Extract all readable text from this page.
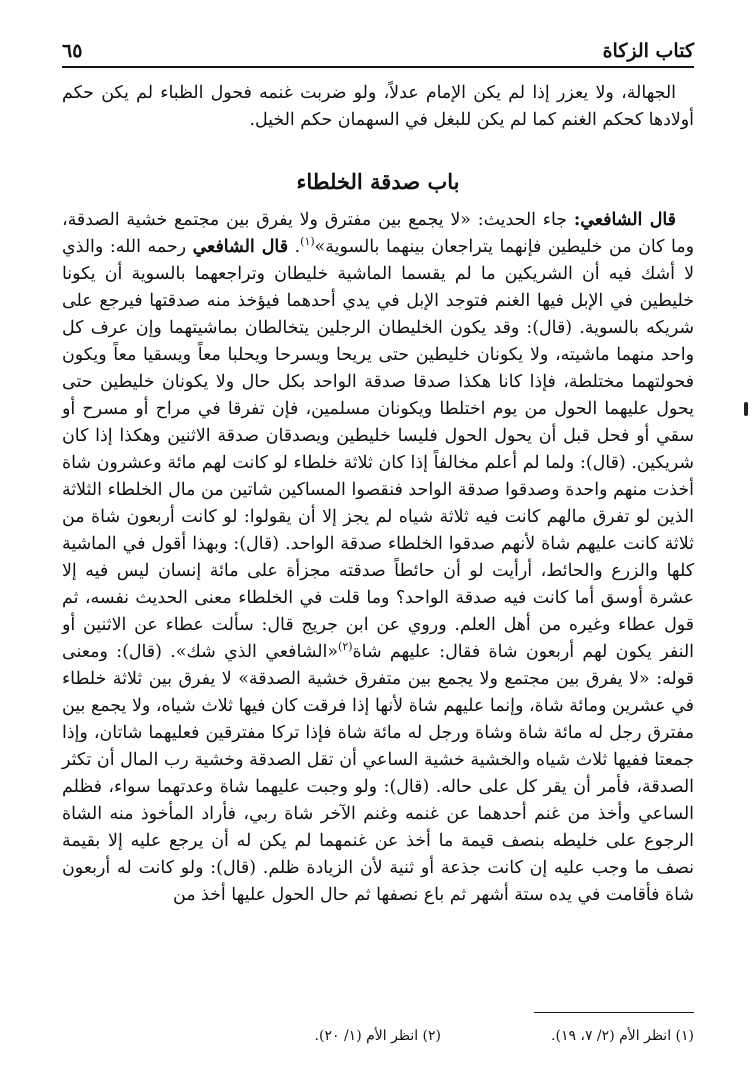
كتاب الزكاة
٦٥

الجهالة، ولا يعزر إذا لم يكن الإمام عدلاً، ولو ضربت غنمه فحول الظباء لم يكن حكم أولادها كحكم الغنم كما لم يكن للبغل في السهمان حكم الخيل.

باب صدقة الخلطاء

قال الشافعي: جاء الحديث: «لا يجمع بين مفترق ولا يفرق بين مجتمع خشية الصدقة، وما كان من خليطين فإنهما يتراجعان بينهما بالسوية»$^{(١)}$. قال الشافعي رحمه الله: والذي لا أشك فيه أن الشريكين ما لم يقسما الماشية خليطان وتراجعهما بالسوية أن يكونا خليطين في الإبل فيها الغنم فتوجد الإبل في يدي أحدهما فيؤخذ منه صدقتها فيرجع على شريكه بالسوية. (قال): وقد يكون الخليطان الرجلين يتخالطان بماشيتهما وإن عرف كل واحد منهما ماشيته، ولا يكونان خليطين حتى يريحا ويسرحا ويحلبا معاً ويسقيا معاً ويكون فحولتهما مختلطة، فإذا كانا هكذا صدقا صدقة الواحد بكل حال ولا يكونان خليطين حتى يحول عليهما الحول من يوم اختلطا ويكونان مسلمين، فإن تفرقا في مراح أو مسرح أو سقي أو فحل قبل أن يحول الحول فليسا خليطين ويصدقان صدقة الاثنين وهكذا إذا كان شريكين. (قال): ولما لم أعلم مخالفاً إذا كان ثلاثة خلطاء لو كانت لهم مائة وعشرون شاة أخذت منهم واحدة وصدقوا صدقة الواحد فنقصوا المساكين شاتين من مال الخلطاء الثلاثة الذين لو تفرق مالهم كانت فيه ثلاثة شياه لم يجز إلا أن يقولوا: لو كانت أربعون شاة من ثلاثة كانت عليهم شاة لأنهم صدقوا الخلطاء صدقة الواحد. (قال): وبهذا أقول في الماشية كلها والزرع والحائط، أرأيت لو أن حائطاً صدقته مجزأة على مائة إنسان ليس فيه إلا عشرة أوسق أما كانت فيه صدقة الواحد؟ وما قلت في الخلطاء معنى الحديث نفسه، ثم قول عطاء وغيره من أهل العلم. وروي عن ابن جريج قال: سألت عطاء عن الاثنين أو النفر يكون لهم أربعون شاة فقال: عليهم شاة$^{(٢)}$«الشافعي الذي شك». (قال): ومعنى قوله: «لا يفرق بين مجتمع ولا يجمع بين متفرق خشية الصدقة» لا يفرق بين ثلاثة خلطاء في عشرين ومائة شاة، وإنما عليهم شاة لأنها إذا فرقت كان فيها ثلاث شياه، ولا يجمع بين مفترق رجل له مائة شاة وشاة ورجل له مائة شاة فإذا تركا مفترقين فعليهما شاتان، وإذا جمعتا ففيها ثلاث شياه والخشية خشية الساعي أن تقل الصدقة وخشية رب المال أن تكثر الصدقة، فأمر أن يقر كل على حاله. (قال): ولو وجبت عليهما شاة وعدتهما سواء، فظلم الساعي وأخذ من غنم أحدهما عن غنمه وغنم الآخر شاة ربي، فأراد المأخوذ منه الشاة الرجوع على خليطه بنصف قيمة ما أخذ عن غنمهما لم يكن له أن يرجع عليه إلا بقيمة نصف ما وجب عليه إن كانت جذعة أو ثنية لأن الزيادة ظلم. (قال): ولو كانت له أربعون شاة فأقامت في يده ستة أشهر ثم باع نصفها ثم حال الحول عليها أخذ من

(١) انظر الأم (٢/ ٧، ١٩).
(٢) انظر الأم (١/ ٢٠).
